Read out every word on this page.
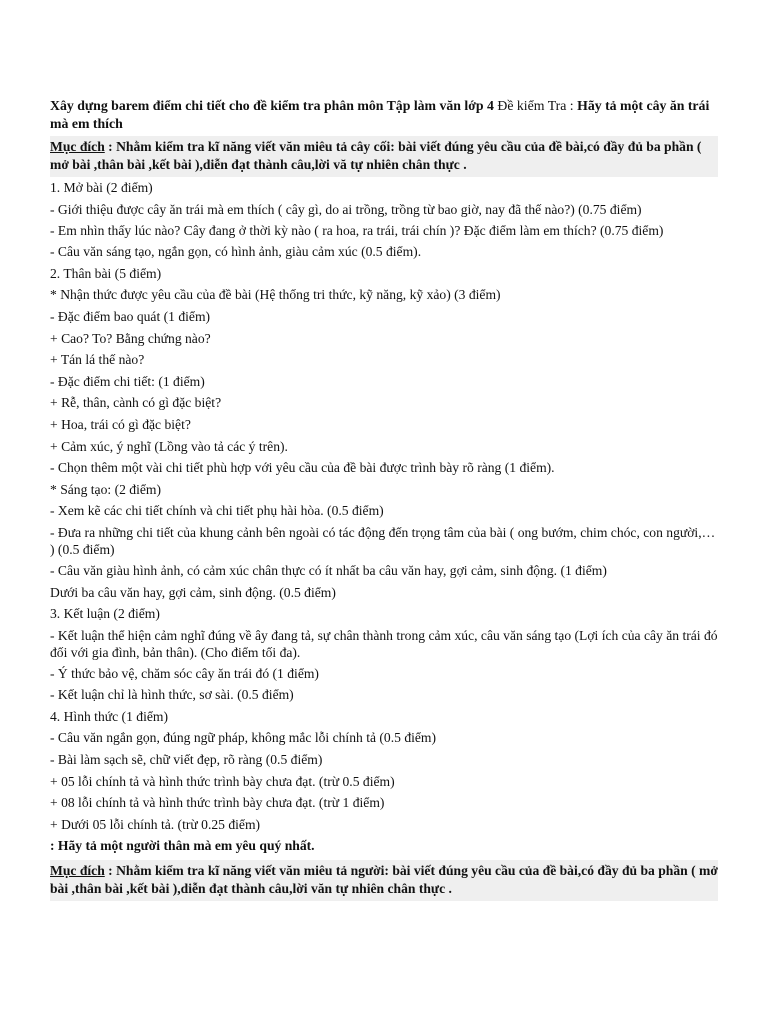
Xây dựng barem điểm chi tiết cho đề kiểm tra phân môn Tập làm văn lớp 4 Đề kiểm Tra : Hãy tả một cây ăn trái mà em thích
Mục đích : Nhằm kiểm tra kĩ năng viết văn miêu tả cây cối: bài viết đúng yêu cầu của đề bài,có đầy đủ ba phần ( mở bài ,thân bài ,kết bài ),diễn đạt thành câu,lời vă tự nhiên chân thực .
1. Mở bài (2 điểm)
- Giới thiệu được cây ăn trái mà em thích ( cây gì, do ai trồng, trồng từ bao giờ, nay đã thế nào?) (0.75 điểm)
- Em nhìn thấy lúc nào? Cây đang ở thời kỳ nào ( ra hoa, ra trái, trái chín )? Đặc điểm làm em thích? (0.75 điểm)
- Câu văn sáng tạo, ngắn gọn, có hình ảnh, giàu cảm xúc (0.5 điểm).
2. Thân bài (5 điểm)
* Nhận thức được yêu cầu của đề bài (Hệ thống tri thức, kỹ năng, kỹ xảo) (3 điểm)
- Đặc điểm bao quát (1 điểm)
+ Cao? To? Bằng chứng nào?
+ Tán lá thế nào?
- Đặc điểm chi tiết: (1 điểm)
+ Rễ, thân, cành có gì đặc biệt?
+ Hoa, trái có gì đặc biệt?
+ Cảm xúc, ý nghĩ (Lồng vào tả các ý trên).
- Chọn thêm một vài chi tiết phù hợp với yêu cầu của đề bài được trình bày rõ ràng (1 điểm).
* Sáng tạo: (2 điểm)
- Xem kẽ các chi tiết chính và chi tiết phụ hài hòa. (0.5 điểm)
- Đưa ra những chi tiết của khung cảnh bên ngoài có tác động đến trọng tâm của bài ( ong bướm, chim chóc, con người,… ) (0.5 điểm)
- Câu văn giàu hình ảnh, có cảm xúc chân thực có ít nhất ba câu văn hay, gợi cảm, sinh động. (1 điểm)
Dưới ba câu văn hay, gợi cảm, sinh động. (0.5 điểm)
3. Kết luận (2 điểm)
- Kết luận thể hiện cảm nghĩ đúng về ây đang tả, sự chân thành trong cảm xúc, câu văn sáng tạo (Lợi ích của cây ăn trái đó đối với gia đình, bản thân). (Cho điểm tối đa).
- Ý thức bảo vệ, chăm sóc cây ăn trái đó (1 điểm)
- Kết luận chỉ là hình thức, sơ sài. (0.5 điểm)
4. Hình thức (1 điểm)
- Câu văn ngắn gọn, đúng ngữ pháp, không mắc lỗi chính tả (0.5 điểm)
- Bài làm sạch sẽ, chữ viết đẹp, rõ ràng (0.5 điểm)
+ 05 lỗi chính tả và hình thức trình bày chưa đạt. (trừ 0.5 điểm)
+ 08 lỗi chính tả và hình thức trình bày chưa đạt. (trừ 1 điểm)
+ Dưới 05 lỗi chính tả. (trừ 0.25 điểm)
: Hãy tả một người thân mà em yêu quý nhất.
Mục đích : Nhằm kiểm tra kĩ năng viết văn miêu tả người: bài viết đúng yêu cầu của đề bài,có đầy đủ ba phần ( mở bài ,thân bài ,kết bài ),diễn đạt thành câu,lời văn tự nhiên chân thực .
